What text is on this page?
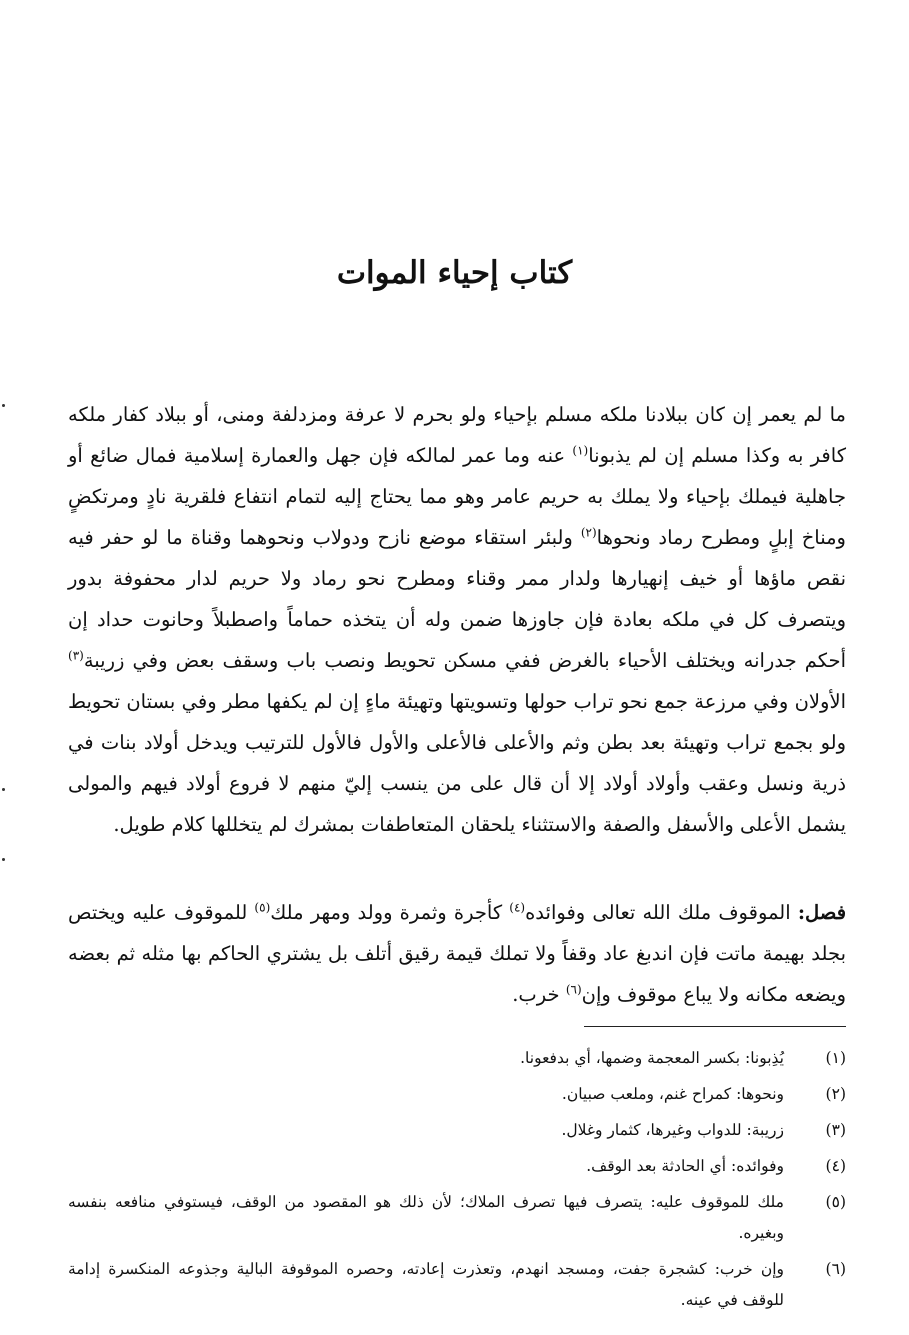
كتاب إحياء الموات
ما لم يعمر إن كان ببلادنا ملكه مسلم بإحياء ولو بحرم لا عرفة ومزدلفة ومنى، أو ببلاد كفار ملكه كافر به وكذا مسلم إن لم يذبونا$^{(١)}$ عنه وما عمر لمالكه فإن جهل والعمارة إسلامية فمال ضائع أو جاهلية فيملك بإحياء ولا يملك به حريم عامر وهو مما يحتاج إليه لتمام انتفاع فلقرية نادٍ ومرتكضٍ ومناخ إبلٍ ومطرح رماد ونحوها$^{(٢)}$ ولبئر استقاء موضع نازح ودولاب ونحوهما وقناة ما لو حفر فيه نقص ماؤها أو خيف إنهيارها ولدار ممر وقناء ومطرح نحو رماد ولا حريم لدار محفوفة بدور ويتصرف كل في ملكه بعادة فإن جاوزها ضمن وله أن يتخذه حماماً واصطبلاً وحانوت حداد إن أحكم جدرانه ويختلف الأحياء بالغرض ففي مسكن تحويط ونصب باب وسقف بعض وفي زريبة$^{(٣)}$ الأولان وفي مرزعة جمع نحو تراب حولها وتسويتها وتهيئة ماءٍ إن لم يكفها مطر وفي بستان تحويط ولو بجمع تراب وتهيئة بعد بطن وثم والأعلى فالأعلى والأول فالأول للترتيب ويدخل أولاد بنات في ذرية ونسل وعقب وأولاد أولاد إلا أن قال على من ينسب إليّ منهم لا فروع أولاد فيهم والمولى يشمل الأعلى والأسفل والصفة والاستثناء يلحقان المتعاطفات بمشرك لم يتخللها كلام طويل.
فصل: الموقوف ملك الله تعالى وفوائده$^{(٤)}$ كأجرة وثمرة وولد ومهر ملك$^{(٥)}$ للموقوف عليه ويختص بجلد بهيمة ماتت فإن اندبغ عاد وقفاً ولا تملك قيمة رقيق أتلف بل يشتري الحاكم بها مثله ثم بعضه ويضعه مكانه ولا يباع موقوف وإن$^{(٦)}$ خرب.
(١)
يُذِبونا: بكسر المعجمة وضمها، أي بدفعونا.
(٢)
ونحوها: كمراح غنم، وملعب صبيان.
(٣)
زريبة: للدواب وغيرها، كثمار وغلال.
(٤)
وفوائده: أي الحادثة بعد الوقف.
(٥)
ملك للموقوف عليه: يتصرف فيها تصرف الملاك؛ لأن ذلك هو المقصود من الوقف، فيستوفي منافعه بنفسه وبغيره.
(٦)
وإن خرب: كشجرة جفت، ومسجد انهدم، وتعذرت إعادته، وحصره الموقوفة البالية وجذوعه المنكسرة إدامة للوقف في عينه.
